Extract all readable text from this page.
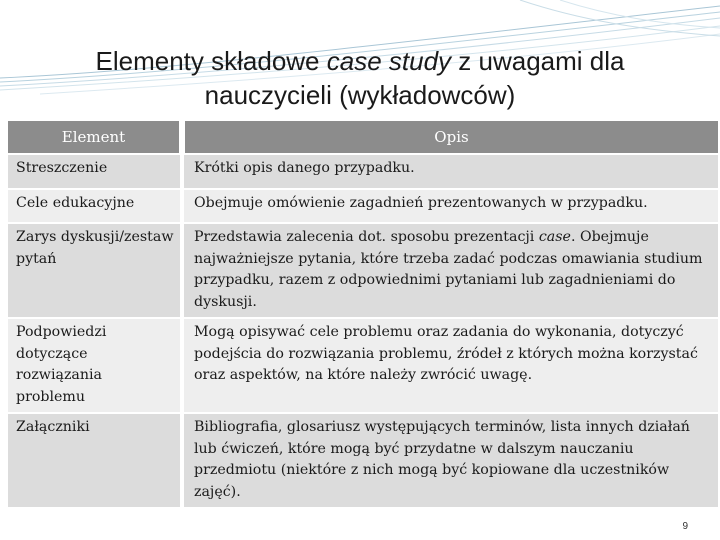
Elementy składowe case study z uwagami dla
nauczycieli (wykładowców)
Element	Opis
Streszczenie	Krótki opis danego przypadku.
Cele edukacyjne	Obejmuje omówienie zagadnień prezentowanych w przypadku.
Zarys dyskusji/zestaw pytań	Przedstawia zalecenia dot. sposobu prezentacji case. Obejmuje najważniejsze pytania, które trzeba zadać podczas omawiania studium przypadku, razem z odpowiednimi pytaniami lub zagadnieniami do dyskusji.
Podpowiedzi dotyczące rozwiązania problemu	Mogą opisywać cele problemu oraz zadania do wykonania, dotyczyć podejścia do rozwiązania problemu, źródeł z których można korzystać oraz aspektów, na które należy zwrócić uwagę.
Załączniki	Bibliografia, glosariusz występujących terminów, lista innych działań lub ćwiczeń, które mogą być przydatne w dalszym nauczaniu przedmiotu (niektóre z nich mogą być kopiowane dla uczestników zajęć).
9
